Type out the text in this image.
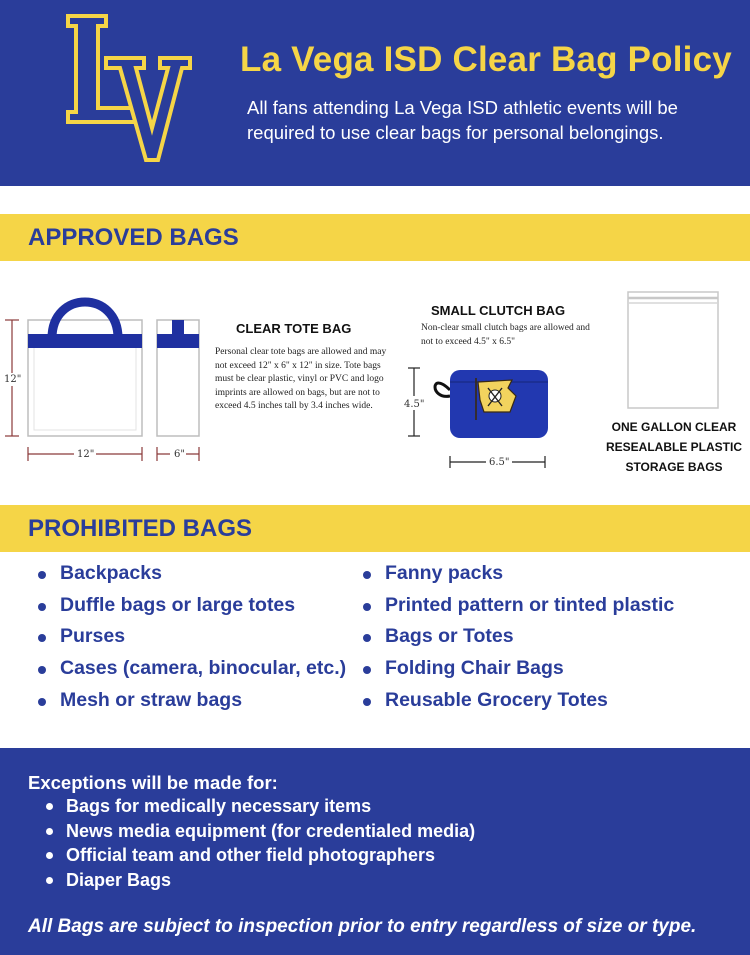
La Vega ISD Clear Bag Policy
All fans attending La Vega ISD athletic events will be required to use clear bags for personal belongings.
APPROVED BAGS
12"
12"	6"
CLEAR TOTE BAG
Personal clear tote bags are allowed and may not exceed 12" x 6" x 12" in size. Tote bags must be clear plastic, vinyl or PVC and logo imprints are allowed on bags, but are not to exceed 4.5 inches tall by 3.4 inches wide.
SMALL CLUTCH BAG
Non-clear small clutch bags are allowed and not to exceed 4.5" x 6.5"
4.5"
6.5"
ONE GALLON CLEAR RESEALABLE PLASTIC STORAGE BAGS
PROHIBITED BAGS
Backpacks
Duffle bags or large totes
Purses
Cases (camera, binocular, etc.)
Mesh or straw bags
Fanny packs
Printed pattern or tinted plastic
Bags or Totes
Folding Chair Bags
Reusable Grocery Totes
Exceptions will be made for:
Bags for medically necessary items
News media equipment (for credentialed media)
Official team and other field photographers
Diaper Bags
All Bags are subject to inspection prior to entry regardless of size or type.
